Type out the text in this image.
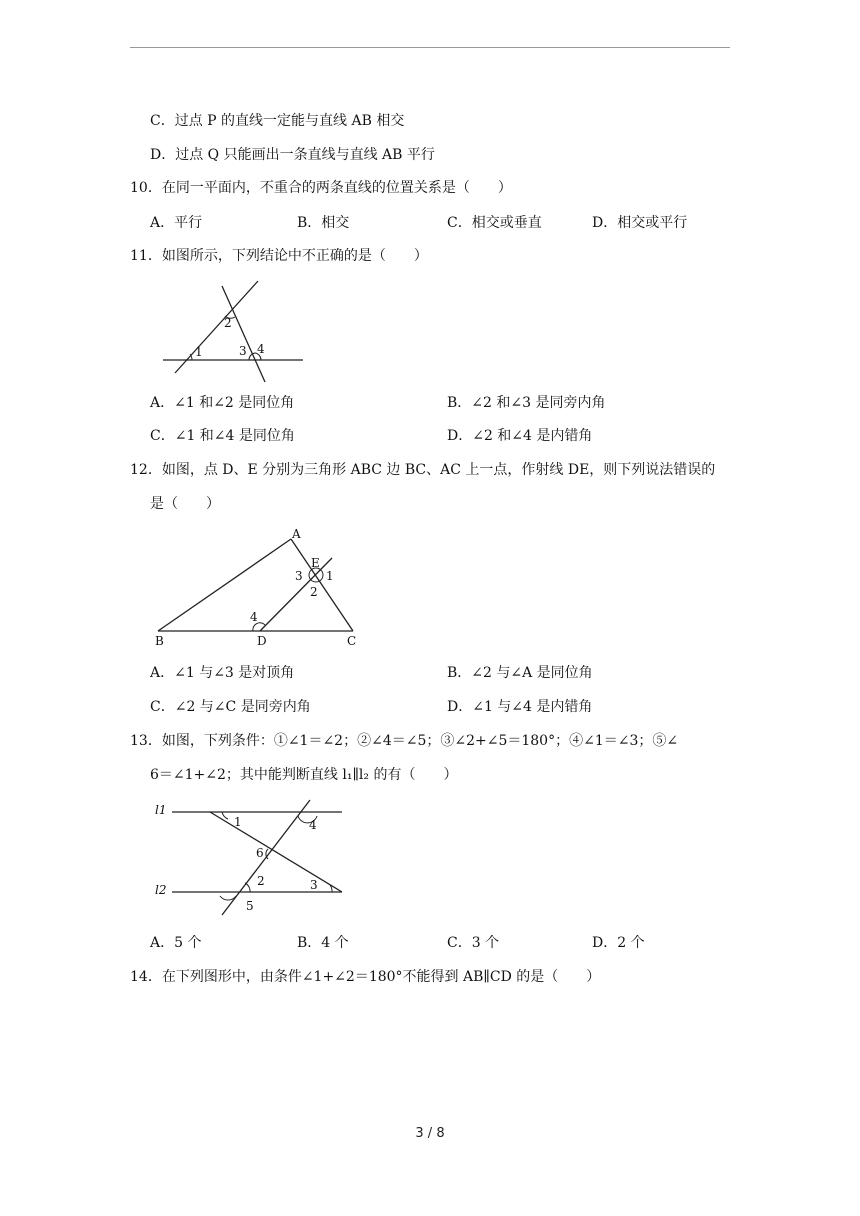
C．过点 P 的直线一定能与直线 AB 相交
D．过点 Q 只能画出一条直线与直线 AB 平行
10．在同一平面内，不重合的两条直线的位置关系是（　　）
A．平行	B．相交	C．相交或垂直	D．相交或平行
11．如图所示，下列结论中不正确的是（　　）
1
2
3 4
A．∠1 和∠2 是同位角	B．∠2 和∠3 是同旁内角
C．∠1 和∠4 是同位角	D．∠2 和∠4 是内错角
12．如图，点 D、E 分别为三角形 ABC 边 BC、AC 上一点，作射线 DE，则下列说法错误的
是（　　）
A
B	C
D
E
1
2
3
4
A．∠1 与∠3 是对顶角	B．∠2 与∠A 是同位角
C．∠2 与∠C 是同旁内角	D．∠1 与∠4 是内错角
13．如图，下列条件：①∠1＝∠2；②∠4＝∠5；③∠2+∠5＝180°；④∠1＝∠3；⑤∠
6＝∠1+∠2；其中能判断直线 l₁∥l₂ 的有（　　）
l1
l2
1
2	3
4
5
6
A．5 个	B．4 个	C．3 个	D．2 个
14．在下列图形中，由条件∠1+∠2＝180°不能得到 AB∥CD 的是（　　）
3 / 8
